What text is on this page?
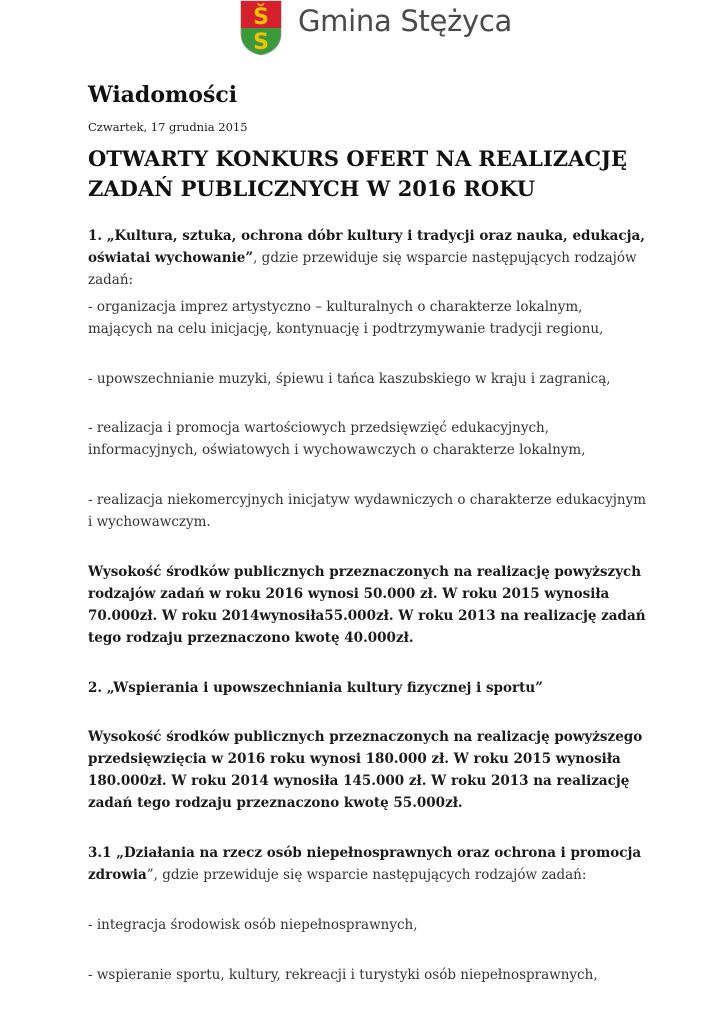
Š
S
Gmina Stężyca
Wiadomości
Czwartek, 17 grudnia 2015
OTWARTY KONKURS OFERT NA REALIZACJĘ ZADAŃ PUBLICZNYCH W 2016 ROKU

1. „Kultura, sztuka, ochrona dóbr kultury i tradycji oraz nauka, edukacja, oświatai wychowanie”, gdzie przewiduje się wsparcie następujących rodzajów zadań:

- organizacja imprez artystyczno – kulturalnych o charakterze lokalnym, mających na celu inicjację, kontynuację i podtrzymywanie tradycji regionu,

- upowszechnianie muzyki, śpiewu i tańca kaszubskiego w kraju i zagranicą,

- realizacja i promocja wartościowych przedsięwzięć edukacyjnych, informacyjnych, oświatowych i wychowawczych o charakterze lokalnym,

- realizacja niekomercyjnych inicjatyw wydawniczych o charakterze edukacyjnym i wychowawczym.

Wysokość środków publicznych przeznaczonych na realizację powyższych rodzajów zadań w roku 2016 wynosi 50.000 zł. W roku 2015 wynosiła 70.000zł. W roku 2014wynosiła55.000zł. W roku 2013 na realizację zadań tego rodzaju przeznaczono kwotę 40.000zł.

2. „Wspierania i upowszechniania kultury fizycznej i sportu”

Wysokość środków publicznych przeznaczonych na realizację powyższego przedsięwzięcia w 2016 roku wynosi 180.000 zł. W roku 2015 wynosiła 180.000zł. W roku 2014 wynosiła 145.000 zł. W roku 2013 na realizację zadań tego rodzaju przeznaczono kwotę 55.000zł.

3.1 „Działania na rzecz osób niepełnosprawnych oraz ochrona i promocja zdrowia”, gdzie przewiduje się wsparcie następujących rodzajów zadań:

- integracja środowisk osób niepełnosprawnych,

- wspieranie sportu, kultury, rekreacji i turystyki osób niepełnosprawnych,
